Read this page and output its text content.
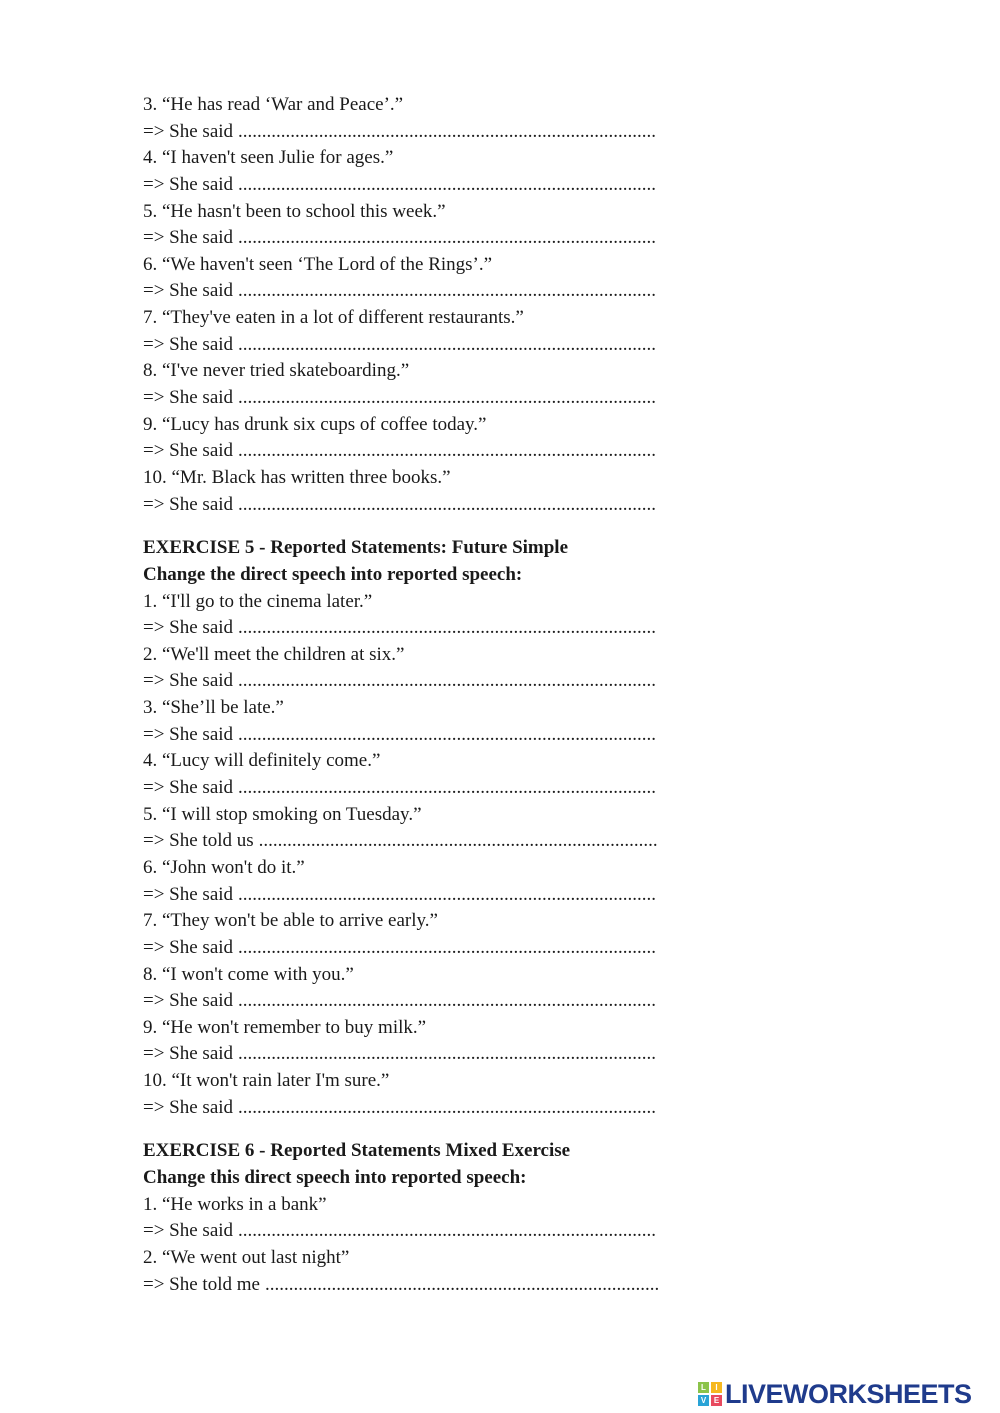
3. “He has read ‘War and Peace’.”
=> She said ........................................................................................
4. “I haven't seen Julie for ages.”
=> She said ........................................................................................
5. “He hasn't been to school this week.”
=> She said ........................................................................................
6. “We haven't seen ‘The Lord of the Rings’.”
=> She said ........................................................................................
7. “They've eaten in a lot of different restaurants.”
=> She said ........................................................................................
8. “I've never tried skateboarding.”
=> She said ........................................................................................
9. “Lucy has drunk six cups of coffee today.”
=> She said ........................................................................................
10. “Mr. Black has written three books.”
=> She said ........................................................................................
EXERCISE 5 - Reported Statements: Future Simple
Change the direct speech into reported speech:
1. “I'll go to the cinema later.”
=> She said ........................................................................................
2. “We'll meet the children at six.”
=> She said ........................................................................................
3. “She’ll be late.”
=> She said ........................................................................................
4. “Lucy will definitely come.”
=> She said ........................................................................................
5. “I will stop smoking on Tuesday.”
=> She told us ....................................................................................
6. “John won't do it.”
=> She said ........................................................................................
7. “They won't be able to arrive early.”
=> She said ........................................................................................
8. “I won't come with you.”
=> She said ........................................................................................
9. “He won't remember to buy milk.”
=> She said ........................................................................................
10. “It won't rain later I'm sure.”
=> She said ........................................................................................
EXERCISE 6 - Reported Statements Mixed Exercise
Change this direct speech into reported speech:
1. “He works in a bank”
=> She said ........................................................................................
2. “We went out last night”
=> She told me ...................................................................................
L	I
V E LIVEWORKSHEETS
